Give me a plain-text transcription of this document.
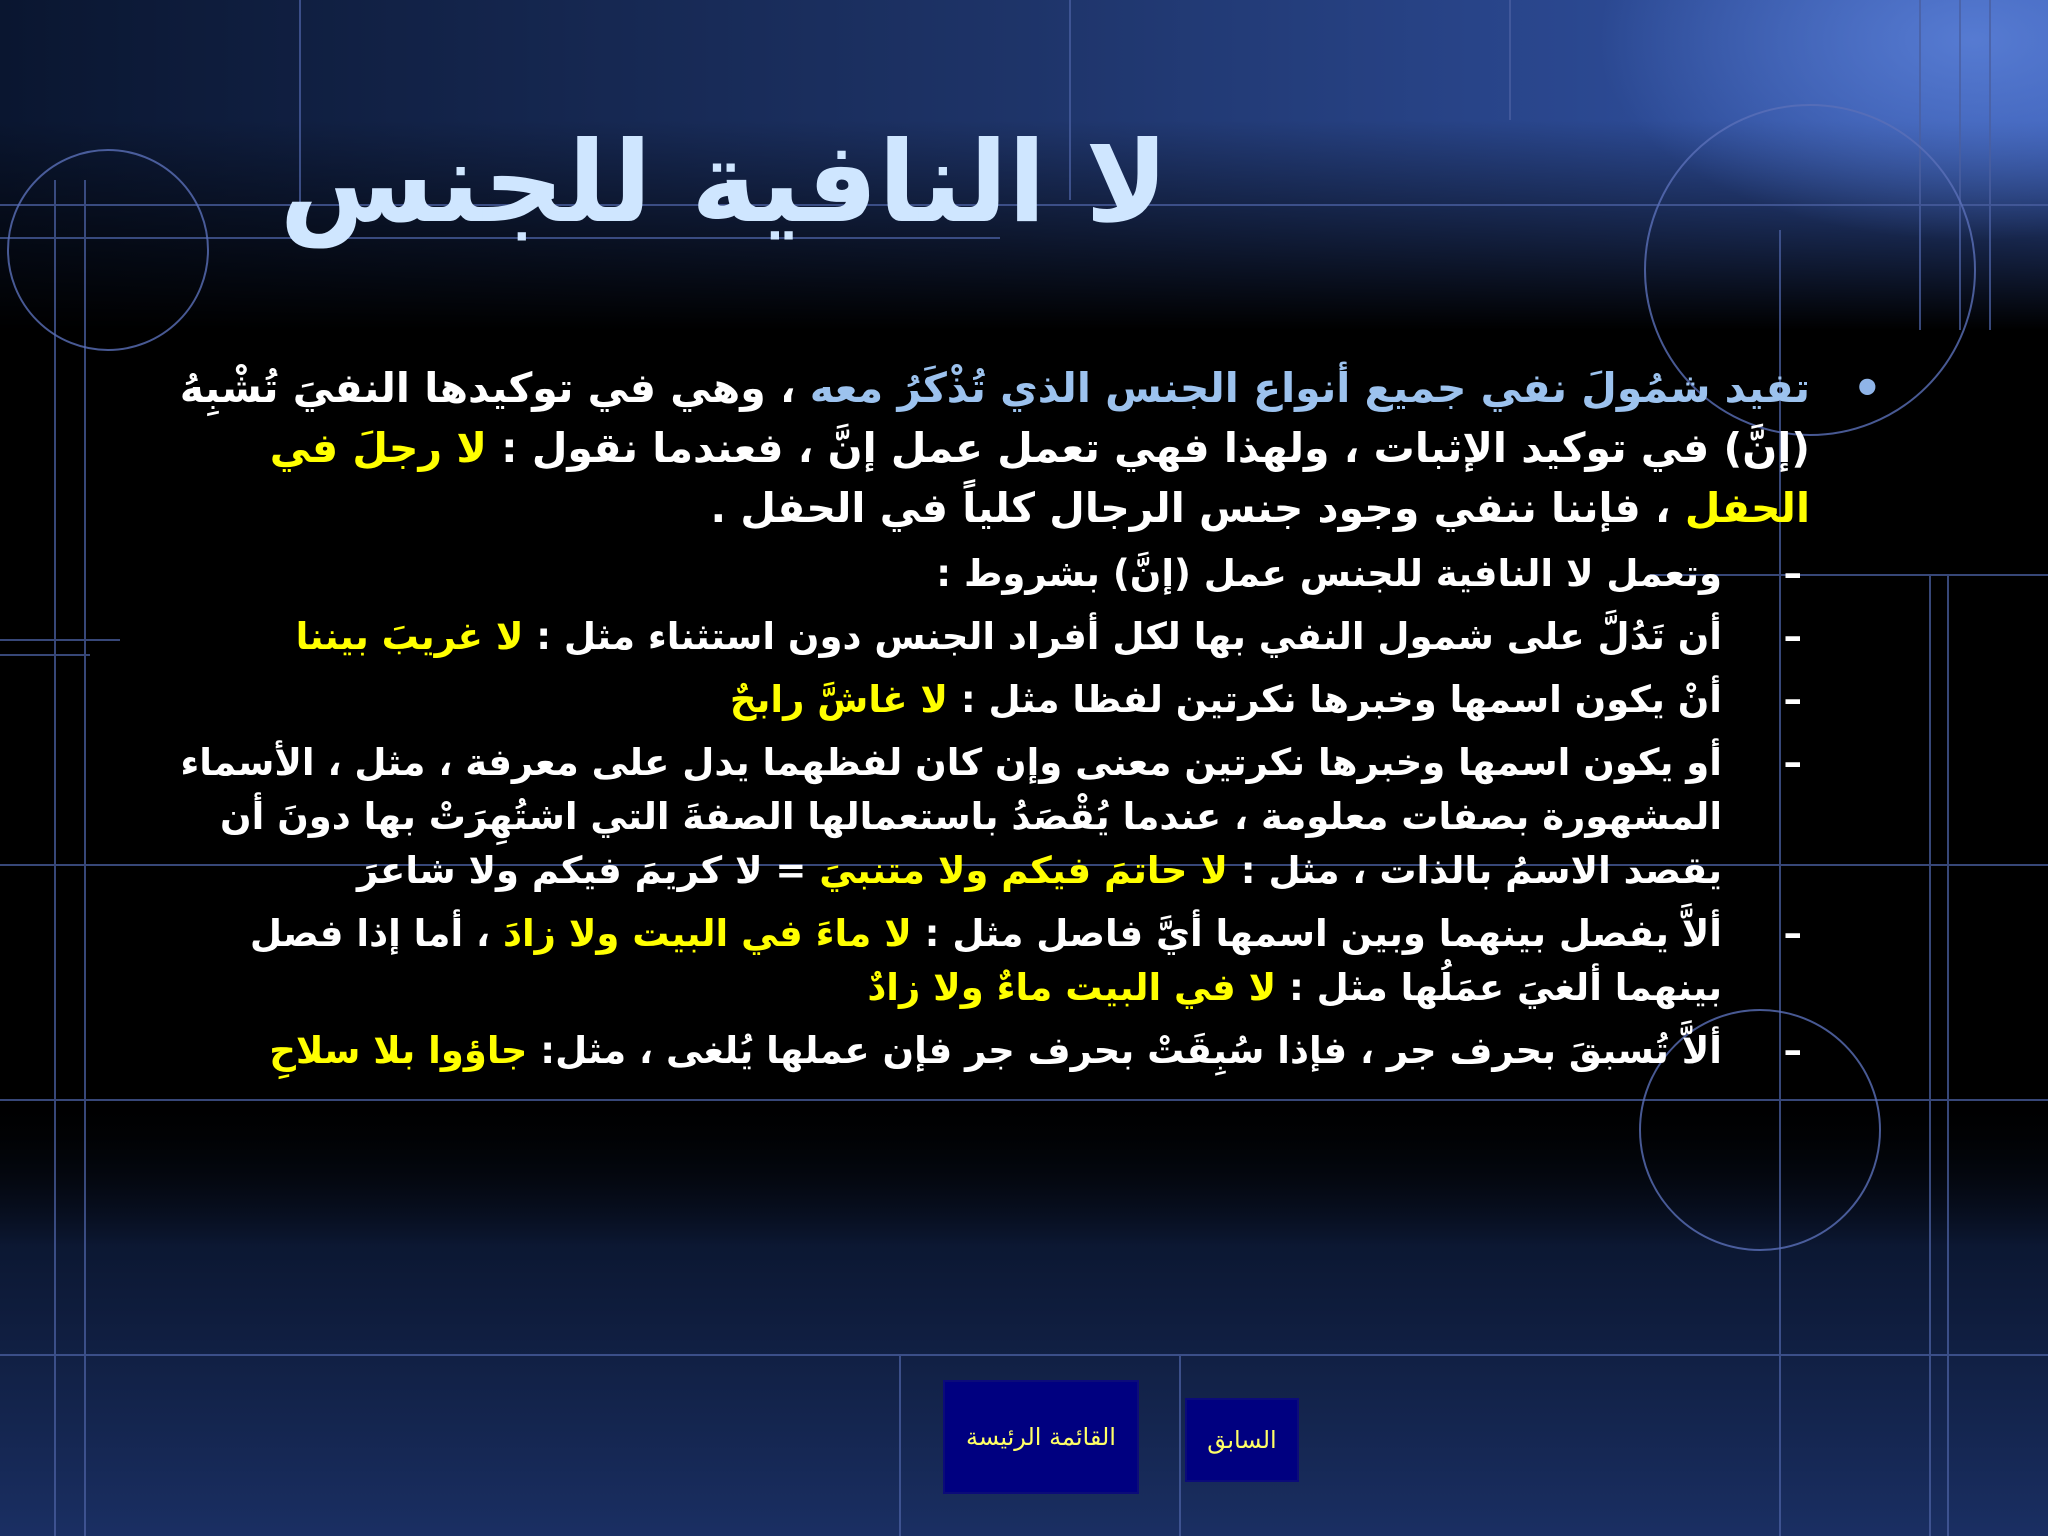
لا النافية للجنس

•
تفيد شمُولَ نفي جميع أنواع الجنس الذي تُذْكَرُ معه ، وهي في توكيدها النفيَ تُشْبِهُ (إنَّ) في توكيد الإثبات ، ولهذا فهي تعمل عمل إنَّ ، فعندما نقول : لا رجلَ في الحفل ، فإننا ننفي وجود جنس الرجال كلياً في الحفل .

–
وتعمل لا النافية للجنس عمل (إنَّ) بشروط :

–
أن تَدُلَّ على شمول النفي بها لكل أفراد الجنس دون استثناء مثل : لا غريبَ بيننا

–
أنْ يكون اسمها وخبرها نكرتين لفظا مثل : لا غاشَّ رابحٌ

–
أو يكون اسمها وخبرها نكرتين معنى وإن كان لفظهما يدل على معرفة ، مثل ، الأسماء المشهورة بصفات معلومة ، عندما يُقْصَدُ باستعمالها الصفةَ التي اشتُهِرَتْ بها دونَ أن يقصد الاسمُ بالذات ، مثل : لا حاتمَ فيكم ولا متنبيَ = لا كريمَ فيكم ولا شاعرَ

–
ألاَّ يفصل بينهما وبين اسمها أيَّ فاصل مثل : لا ماءَ في البيت ولا زادَ ، أما إذا فصل بينهما ألغيَ عمَلُها مثل : لا في البيت ماءٌ ولا زادٌ

–
ألاَّ تُسبقَ بحرف جر ، فإذا سُبِقَتْ بحرف جر فإن عملها يُلغى ، مثل: جاؤوا بلا سلاحِ

القائمة الرئيسة	السابق
